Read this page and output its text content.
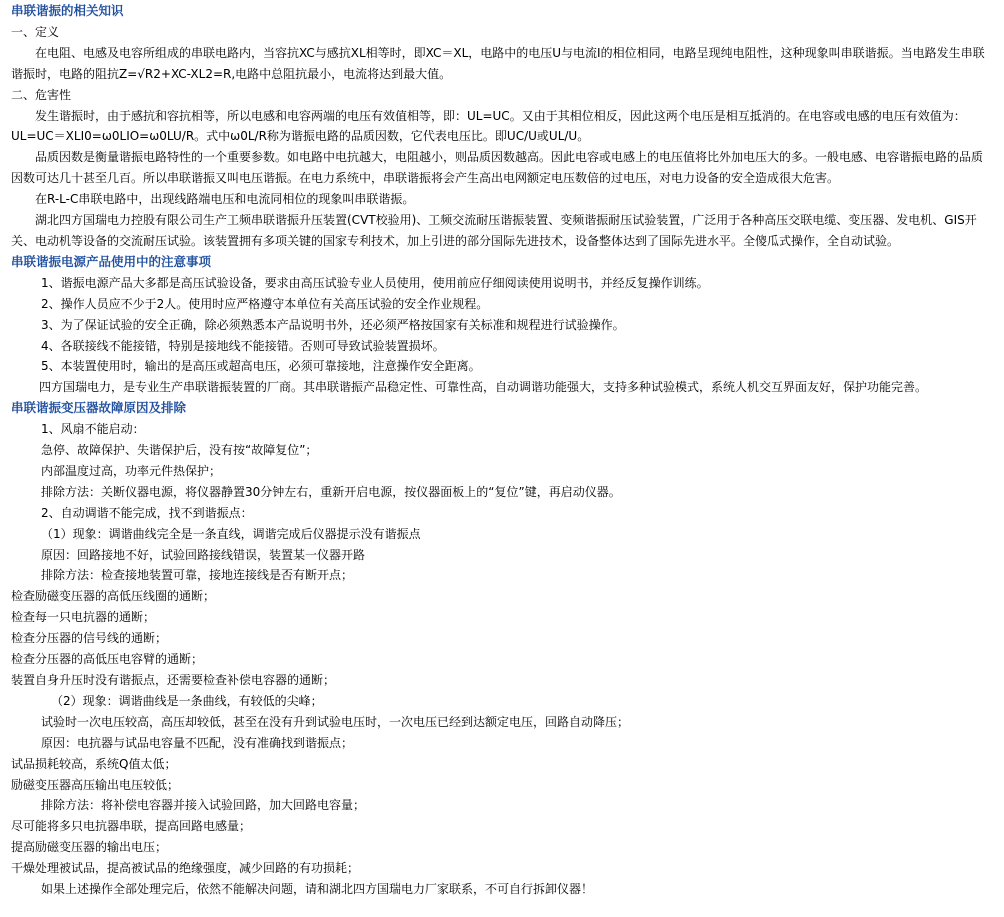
串联谐振的相关知识

一、定义

在电阻、电感及电容所组成的串联电路内，当容抗XC与感抗XL相等时，即XC＝XL，电路中的电压U与电流I的相位相同，电路呈现纯电阻性，这种现象叫串联谐振。当电路发生串联谐振时，电路的阻抗Z=√R2+XC-XL2=R,电路中总阻抗最小，电流将达到最大值。

二、危害性

发生谐振时，由于感抗和容抗相等，所以电感和电容两端的电压有效值相等，即：UL=UC。又由于其相位相反，因此这两个电压是相互抵消的。在电容或电感的电压有效值为：UL=UC＝XLI0=ω0LIO=ω0LU/R。式中ω0L/R称为谐振电路的品质因数，它代表电压比。即UC/U或UL/U。

品质因数是衡量谐振电路特性的一个重要参数。如电路中电抗越大，电阻越小，则品质因数越高。因此电容或电感上的电压值将比外加电压大的多。一般电感、电容谐振电路的品质因数可达几十甚至几百。所以串联谐振又叫电压谐振。在电力系统中，串联谐振将会产生高出电网额定电压数倍的过电压，对电力设备的安全造成很大危害。

在R-L-C串联电路中，出现线路端电压和电流同相位的现象叫串联谐振。

湖北四方国瑞电力控股有限公司生产工频串联谐振升压装置(CVT校验用)、工频交流耐压谐振装置、变频谐振耐压试验装置，广泛用于各种高压交联电缆、变压器、发电机、GIS开关、电动机等设备的交流耐压试验。该装置拥有多项关键的国家专利技术，加上引进的部分国际先进技术，设备整体达到了国际先进水平。全傻瓜式操作，全自动试验。

串联谐振电源产品使用中的注意事项

1、谐振电源产品大多都是高压试验设备，要求由高压试验专业人员使用，使用前应仔细阅读使用说明书，并经反复操作训练。

2、操作人员应不少于2人。使用时应严格遵守本单位有关高压试验的安全作业规程。

3、为了保证试验的安全正确，除必须熟悉本产品说明书外，还必须严格按国家有关标准和规程进行试验操作。

4、各联接线不能接错，特别是接地线不能接错。否则可导致试验装置损坏。

5、本装置使用时，输出的是高压或超高电压，必须可靠接地，注意操作安全距离。

四方国瑞电力，是专业生产串联谐振装置的厂商。其串联谐振产品稳定性、可靠性高，自动调谐功能强大，支持多种试验模式，系统人机交互界面友好，保护功能完善。

串联谐振变压器故障原因及排除

1、风扇不能启动：

急停、故障保护、失谐保护后，没有按“故障复位”；

内部温度过高，功率元件热保护；

排除方法：关断仪器电源，将仪器静置30分钟左右，重新开启电源，按仪器面板上的“复位”键，再启动仪器。

2、自动调谐不能完成，找不到谐振点：

（1）现象：调谐曲线完全是一条直线，调谐完成后仪器提示没有谐振点

原因：回路接地不好，试验回路接线错误，装置某一仪器开路

排除方法：检查接地装置可靠，接地连接线是否有断开点；

检查励磁变压器的高低压线圈的通断；

检查每一只电抗器的通断；

检查分压器的信号线的通断；

检查分压器的高低压电容臂的通断；

装置自身升压时没有谐振点，还需要检查补偿电容器的通断；

（2）现象：调谐曲线是一条曲线，有较低的尖峰；

试验时一次电压较高，高压却较低，甚至在没有升到试验电压时，一次电压已经到达额定电压，回路自动降压；

原因：电抗器与试品电容量不匹配，没有准确找到谐振点；

试品损耗较高，系统Q值太低；

励磁变压器高压输出电压较低；

排除方法：将补偿电容器并接入试验回路，加大回路电容量；

尽可能将多只电抗器串联，提高回路电感量；

提高励磁变压器的输出电压；

干燥处理被试品，提高被试品的绝缘强度，减少回路的有功损耗；

如果上述操作全部处理完后，依然不能解决问题，请和湖北四方国瑞电力厂家联系，不可自行拆卸仪器！
